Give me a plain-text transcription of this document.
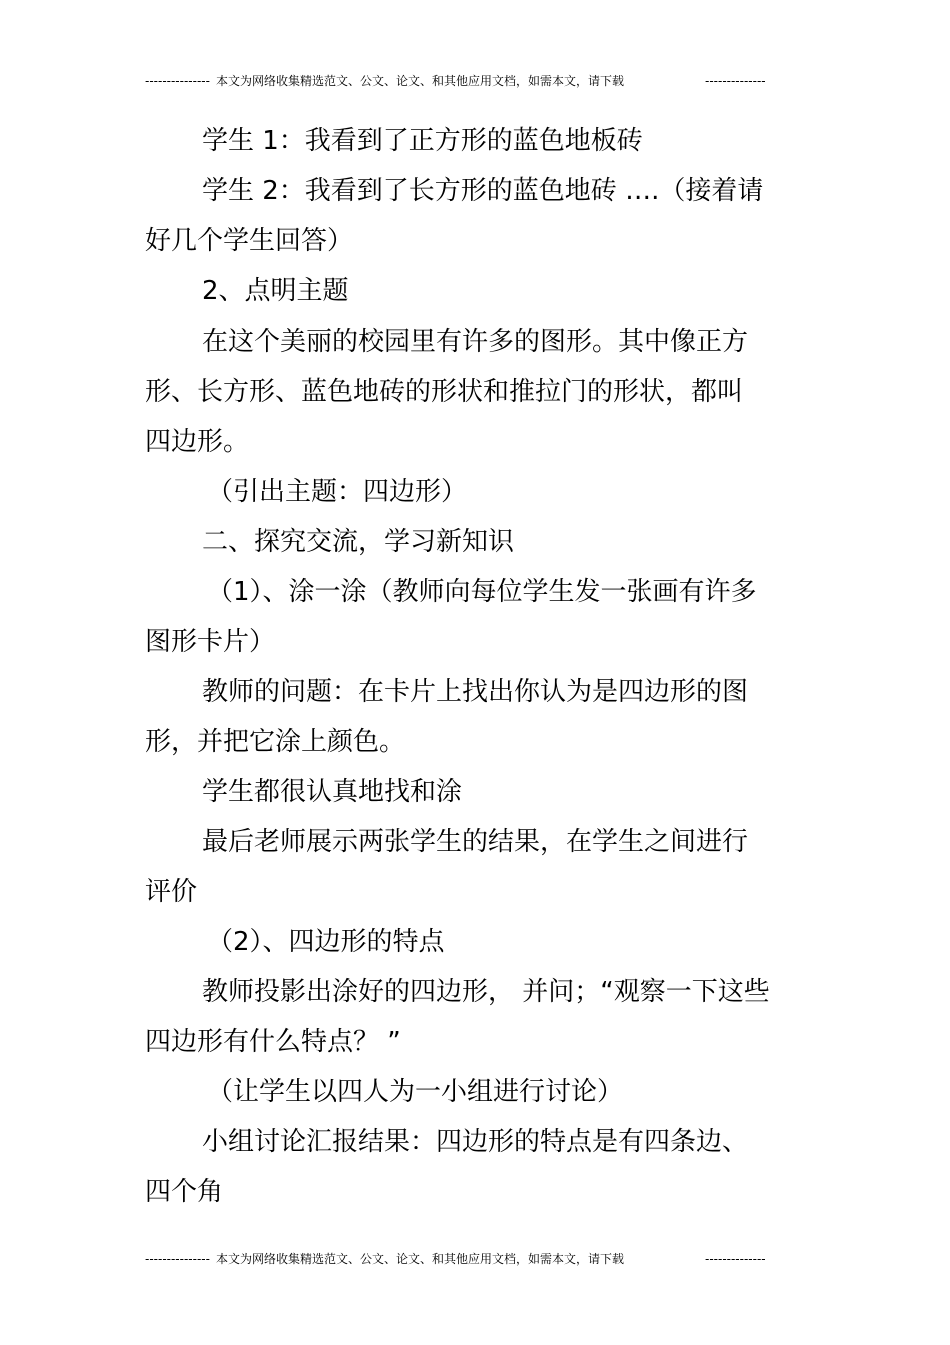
--------------- 本文为网络收集精选范文、公文、论文、和其他应用文档，如需本文，请下载	--------------
学生 1：我看到了正方形的蓝色地板砖
学生 2：我看到了长方形的蓝色地砖 ….（接着请
好几个学生回答）
2、点明主题
在这个美丽的校园里有许多的图形。其中像正方
形、长方形、蓝色地砖的形状和推拉门的形状，都叫
四边形。
（引出主题：四边形）
二、探究交流，学习新知识
（1）、涂一涂（教师向每位学生发一张画有许多
图形卡片）
教师的问题：在卡片上找出你认为是四边形的图
形，并把它涂上颜色。
学生都很认真地找和涂
最后老师展示两张学生的结果，在学生之间进行
评价
（2）、四边形的特点
教师投影出涂好的四边形， 并问；“观察一下这些
四边形有什么特点？ ”
（让学生以四人为一小组进行讨论）
小组讨论汇报结果：四边形的特点是有四条边、
四个角
--------------- 本文为网络收集精选范文、公文、论文、和其他应用文档，如需本文，请下载	--------------
